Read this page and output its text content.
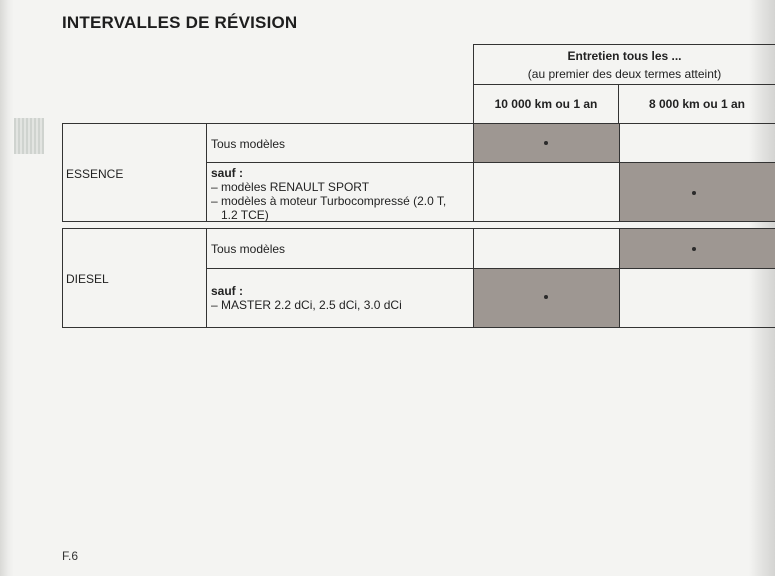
INTERVALLES DE RÉVISION
Entretien tous les ...
(au premier des deux termes atteint)
10 000 km ou 1 an	8 000 km ou 1 an
ESSENCE
Tous modèles
sauf :
– modèles RENAULT SPORT
– modèles à moteur Turbocompressé (2.0 T,
1.2 TCE)
DIESEL
Tous modèles
sauf :
– MASTER 2.2 dCi, 2.5 dCi, 3.0 dCi
F.6
